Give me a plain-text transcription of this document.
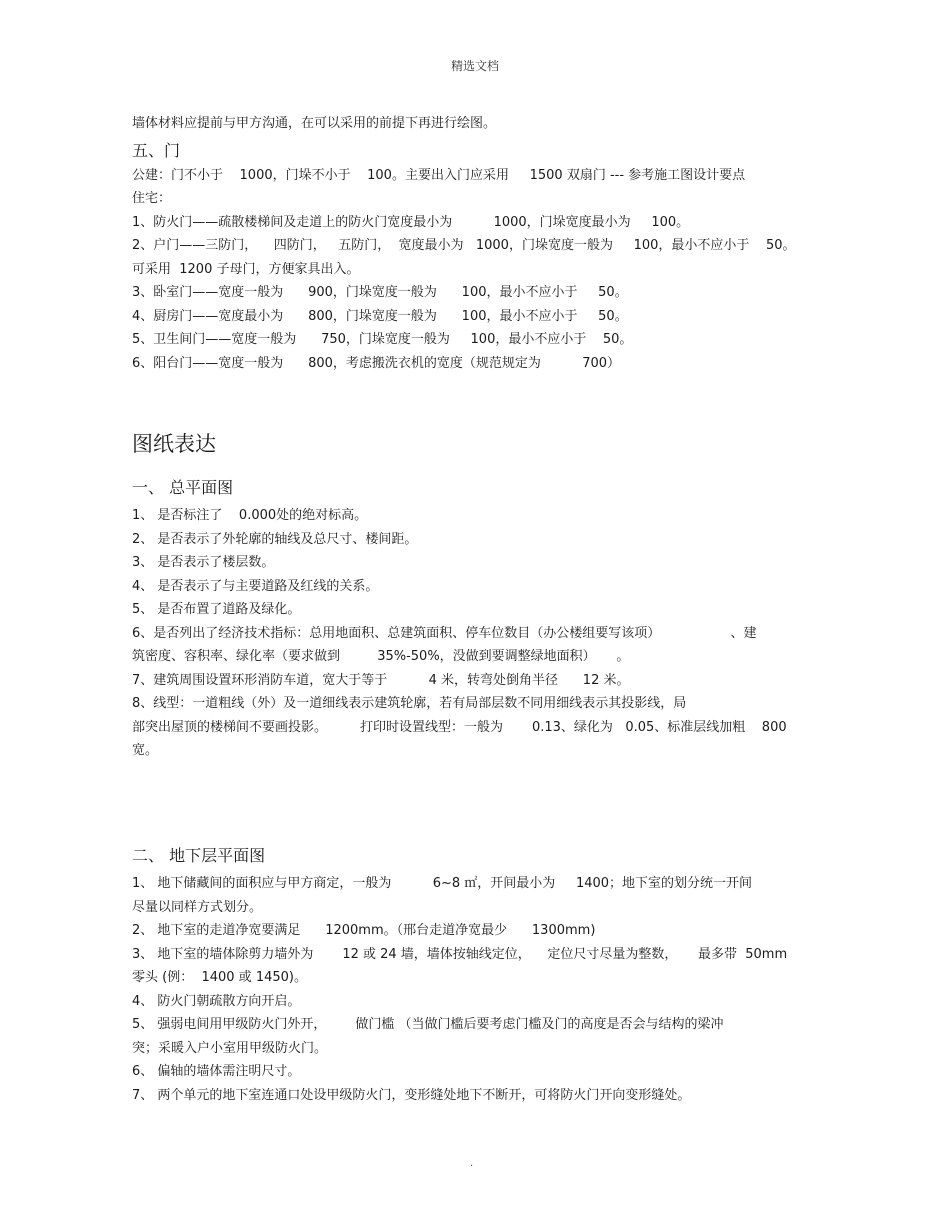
精选文档

墙体材料应提前与甲方沟通，在可以采用的前提下再进行绘图。

五、门

公建：门不小于    1000，门垛不小于    100。主要出入门应采用     1500 双扇门 --- 参考施工图设计要点

住宅：

1、防火门——疏散楼梯间及走道上的防火门宽度最小为          1000，门垛宽度最小为     100。

2、户门——三防门，    四防门，   五防门，  宽度最小为   1000，门垛宽度一般为     100，最小不应小于    50。

可采用  1200 子母门，方便家具出入。

3、卧室门——宽度一般为      900，门垛宽度一般为      100，最小不应小于     50。

4、厨房门——宽度最小为      800，门垛宽度一般为      100，最小不应小于     50。

5、卫生间门——宽度一般为      750，门垛宽度一般为     100，最小不应小于    50。

6、阳台门——宽度一般为      800，考虑搬洗衣机的宽度（规范规定为          700）

图纸表达

一、 总平面图

1、 是否标注了    0.000处的绝对标高。

2、 是否表示了外轮廓的轴线及总尺寸、楼间距。

3、 是否表示了楼层数。

4、 是否表示了与主要道路及红线的关系。

5、 是否布置了道路及绿化。

6、是否列出了经济技术指标：总用地面积、总建筑面积、停车位数目（办公楼组要写该项）                 、建

筑密度、容积率、绿化率（要求做到         35%-50%，没做到要调整绿地面积）     。

7、建筑周围设置环形消防车道，宽大于等于          4 米，转弯处倒角半径      12 米。

8、线型：一道粗线（外）及一道细线表示建筑轮廓，若有局部层数不同用细线表示其投影线，局

部突出屋顶的楼梯间不要画投影。        打印时设置线型：一般为       0.13、绿化为   0.05、标准层线加粗    800

宽。

二、 地下层平面图

1、 地下储藏间的面积应与甲方商定，一般为          6~8 ㎡，开间最小为     1400；地下室的划分统一开间

尽量以同样方式划分。

2、 地下室的走道净宽要满足      1200mm。（邢台走道净宽最少      1300mm)

3、 地下室的墙体除剪力墙外为       12 或 24 墙，墙体按轴线定位，    定位尺寸尽量为整数，     最多带  50mm

零头 (例：  1400 或 1450)。

4、 防火门朝疏散方向开启。

5、 强弱电间用甲级防火门外开，       做门槛 （当做门槛后要考虑门槛及门的高度是否会与结构的梁冲

突；采暖入户小室用甲级防火门。

6、 偏轴的墙体需注明尺寸。

7、 两个单元的地下室连通口处设甲级防火门，变形缝处地下不断开，可将防火门开向变形缝处。

.
